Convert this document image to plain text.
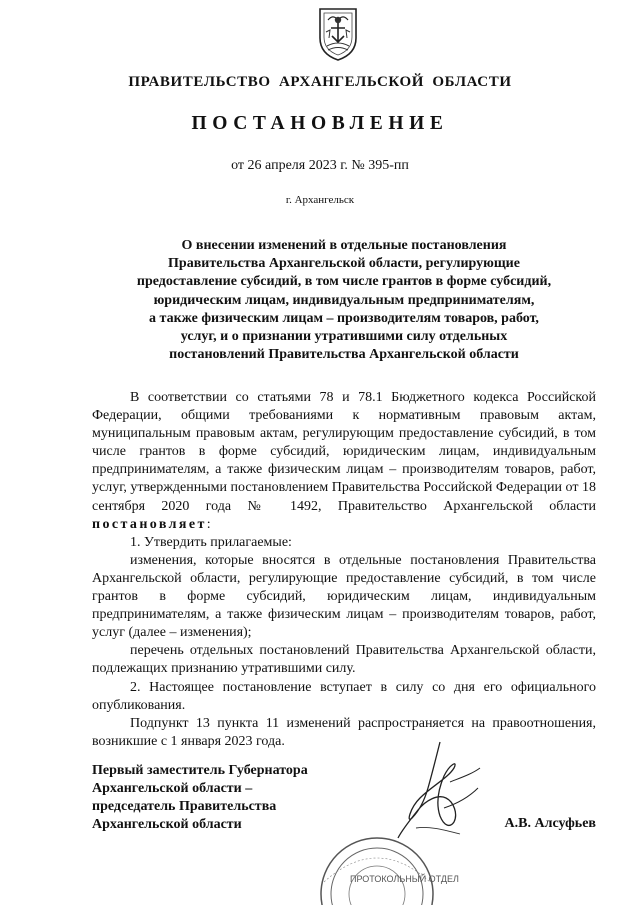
ПРАВИТЕЛЬСТВО АРХАНГЕЛЬСКОЙ ОБЛАСТИ
ПОСТАНОВЛЕНИЕ
от 26 апреля 2023 г. № 395-пп
г. Архангельск
О внесении изменений в отдельные постановления
Правительства Архангельской области, регулирующие
предоставление субсидий, в том числе грантов в форме субсидий,
юридическим лицам, индивидуальным предпринимателям,
а также физическим лицам – производителям товаров, работ,
услуг, и о признании утратившими силу отдельных
постановлений Правительства Архангельской области

В соответствии со статьями 78 и 78.1 Бюджетного кодекса Российской Федерации, общими требованиями к нормативным правовым актам, муниципальным правовым актам, регулирующим предоставление субсидий, в том числе грантов в форме субсидий, юридическим лицам, индивидуальным предпринимателям, а также физическим лицам – производителям товаров, работ, услуг, утвержденными постановлением Правительства Российской Федерации от 18 сентября 2020 года № 1492, Правительство Архангельской области постановляет:

1. Утвердить прилагаемые:

изменения, которые вносятся в отдельные постановления Правительства Архангельской области, регулирующие предоставление субсидий, в том числе грантов в форме субсидий, юридическим лицам, индивидуальным предпринимателям, а также физическим лицам – производителям товаров, работ, услуг (далее – изменения);

перечень отдельных постановлений Правительства Архангельской области, подлежащих признанию утратившими силу.

2. Настоящее постановление вступает в силу со дня его официального опубликования.

Подпункт 13 пункта 11 изменений распространяется на правоотношения, возникшие с 1 января 2023 года.

Первый заместитель Губернатора
Архангельской области –
председатель Правительства
Архангельской области	А.В. Алсуфьев
ПРОТОКОЛЬНЫЙ ОТДЕЛ
